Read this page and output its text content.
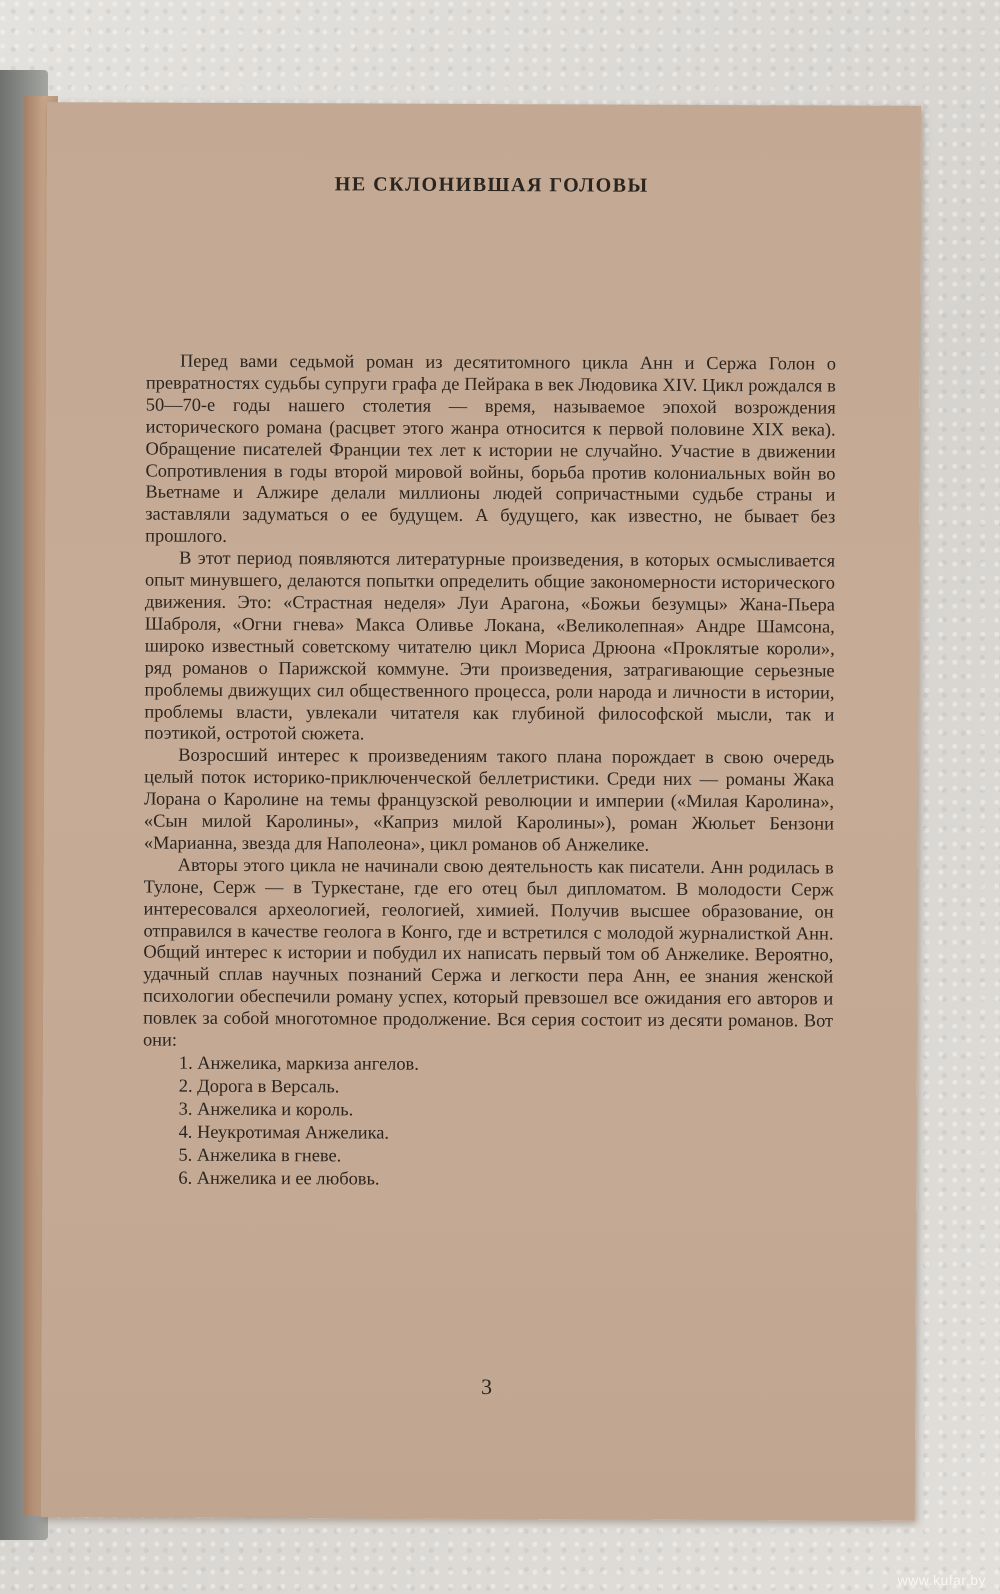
НЕ СКЛОНИВШАЯ ГОЛОВЫ

Перед вами седьмой роман из десятитомного цикла Анн и Сержа Голон о превратностях судьбы супруги графа де Пейрака в век Людовика XIV. Цикл рождался в 50—70-е годы нашего столетия — время, называемое эпохой возрождения исторического романа (расцвет этого жанра относится к первой половине XIX века). Обращение писателей Франции тех лет к истории не случайно. Участие в движении Сопротивления в годы второй мировой войны, борьба против колониальных войн во Вьетнаме и Алжире делали миллионы людей сопричастными судьбе страны и заставляли задуматься о ее будущем. А будущего, как известно, не бывает без прошлого.

В этот период появляются литературные произведения, в которых осмысливается опыт минувшего, делаются попытки определить общие закономерности исторического движения. Это: «Страстная неделя» Луи Арагона, «Божьи безумцы» Жана-Пьера Шаброля, «Огни гнева» Макса Оливье Локана, «Великолепная» Андре Шамсона, широко известный советскому читателю цикл Мориса Дрюона «Проклятые короли», ряд романов о Парижской коммуне. Эти произведения, затрагивающие серьезные проблемы движущих сил общественного процесса, роли народа и личности в истории, проблемы власти, увлекали читателя как глубиной философской мысли, так и поэтикой, остротой сюжета.

Возросший интерес к произведениям такого плана порождает в свою очередь целый поток историко-приключенческой беллетристики. Среди них — романы Жака Лорана о Каролине на темы французской революции и империи («Милая Каролина», «Сын милой Каролины», «Каприз милой Каролины»), роман Жюльет Бензони «Марианна, звезда для Наполеона», цикл романов об Анжелике.

Авторы этого цикла не начинали свою деятельность как писатели. Анн родилась в Тулоне, Серж — в Туркестане, где его отец был дипломатом. В молодости Серж интересовался археологией, геологией, химией. Получив высшее образование, он отправился в качестве геолога в Конго, где и встретился с молодой журналисткой Анн. Общий интерес к истории и побудил их написать первый том об Анжелике. Вероятно, удачный сплав научных познаний Сержа и легкости пера Анн, ее знания женской психологии обеспечили роману успех, который превзошел все ожидания его авторов и повлек за собой многотомное продолжение. Вся серия состоит из десяти романов. Вот они:

1. Анжелика, маркиза ангелов.
2. Дорога в Версаль.
3. Анжелика и король.
4. Неукротимая Анжелика.
5. Анжелика в гневе.
6. Анжелика и ее любовь.
3
www.kufar.by
